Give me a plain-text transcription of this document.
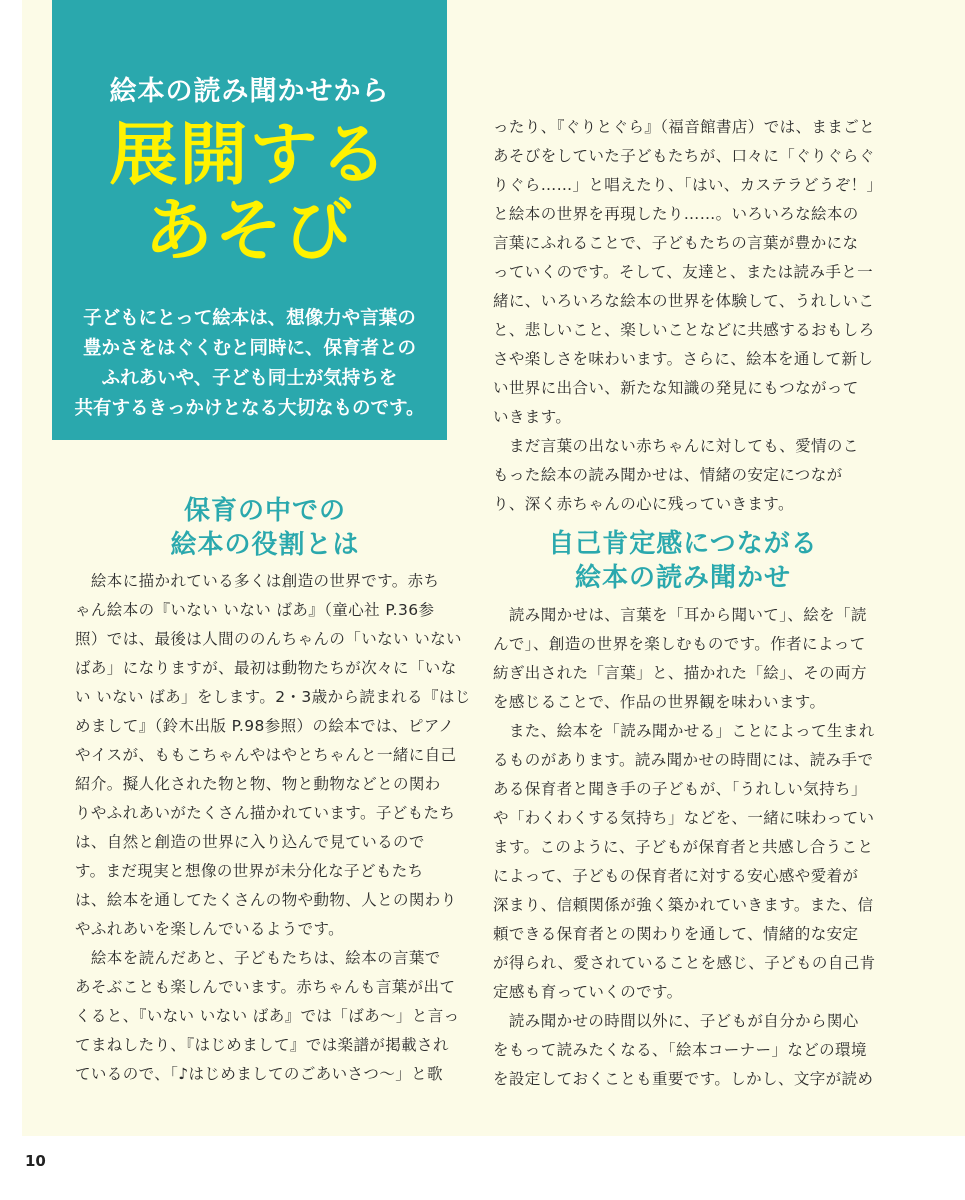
絵本の読み聞かせから
展開する
あそび
子どもにとって絵本は、想像力や言葉の
豊かさをはぐくむと同時に、保育者との
ふれあいや、子ども同士が気持ちを
共有するきっかけとなる大切なものです。
ったり、『ぐりとぐら』（福音館書店）では、ままごと
あそびをしていた子どもたちが、口々に「ぐりぐらぐ
りぐら……」と唱えたり、「はい、カステラどうぞ！」
と絵本の世界を再現したり……。いろいろな絵本の
言葉にふれることで、子どもたちの言葉が豊かにな
っていくのです。そして、友達と、または読み手と一
緒に、いろいろな絵本の世界を体験して、うれしいこ
と、悲しいこと、楽しいことなどに共感するおもしろ
さや楽しさを味わいます。さらに、絵本を通して新し
い世界に出合い、新たな知識の発見にもつながって
いきます。
　まだ言葉の出ない赤ちゃんに対しても、愛情のこ
もった絵本の読み聞かせは、情緒の安定につなが
り、深く赤ちゃんの心に残っていきます。
保育の中での
絵本の役割とは
　絵本に描かれている多くは創造の世界です。赤ち
ゃん絵本の『いない いない ばあ』（童心社 P.36参
照）では、最後は人間ののんちゃんの「いない いない
ばあ」になりますが、最初は動物たちが次々に「いな
い いない ばあ」をします。2・3歳から読まれる『はじ
めまして』（鈴木出版 P.98参照）の絵本では、ピアノ
やイスが、ももこちゃんやはやとちゃんと一緒に自己
紹介。擬人化された物と物、物と動物などとの関わ
りやふれあいがたくさん描かれています。子どもたち
は、自然と創造の世界に入り込んで見ているので
す。まだ現実と想像の世界が未分化な子どもたち
は、絵本を通してたくさんの物や動物、人との関わり
やふれあいを楽しんでいるようです。
　絵本を読んだあと、子どもたちは、絵本の言葉で
あそぶことも楽しんでいます。赤ちゃんも言葉が出て
くると、『いない いない ばあ』では「ばあ～」と言っ
てまねしたり、『はじめまして』では楽譜が掲載され
ているので、「♪はじめましてのごあいさつ～」と歌
自己肯定感につながる
絵本の読み聞かせ
　読み聞かせは、言葉を「耳から聞いて」、絵を「読
んで」、創造の世界を楽しむものです。作者によって
紡ぎ出された「言葉」と、描かれた「絵」、その両方
を感じることで、作品の世界観を味わいます。
　また、絵本を「読み聞かせる」ことによって生まれ
るものがあります。読み聞かせの時間には、読み手で
ある保育者と聞き手の子どもが、「うれしい気持ち」
や「わくわくする気持ち」などを、一緒に味わってい
ます。このように、子どもが保育者と共感し合うこと
によって、子どもの保育者に対する安心感や愛着が
深まり、信頼関係が強く築かれていきます。また、信
頼できる保育者との関わりを通して、情緒的な安定
が得られ、愛されていることを感じ、子どもの自己肯
定感も育っていくのです。
　読み聞かせの時間以外に、子どもが自分から関心
をもって読みたくなる、「絵本コーナー」などの環境
を設定しておくことも重要です。しかし、文字が読め
10
